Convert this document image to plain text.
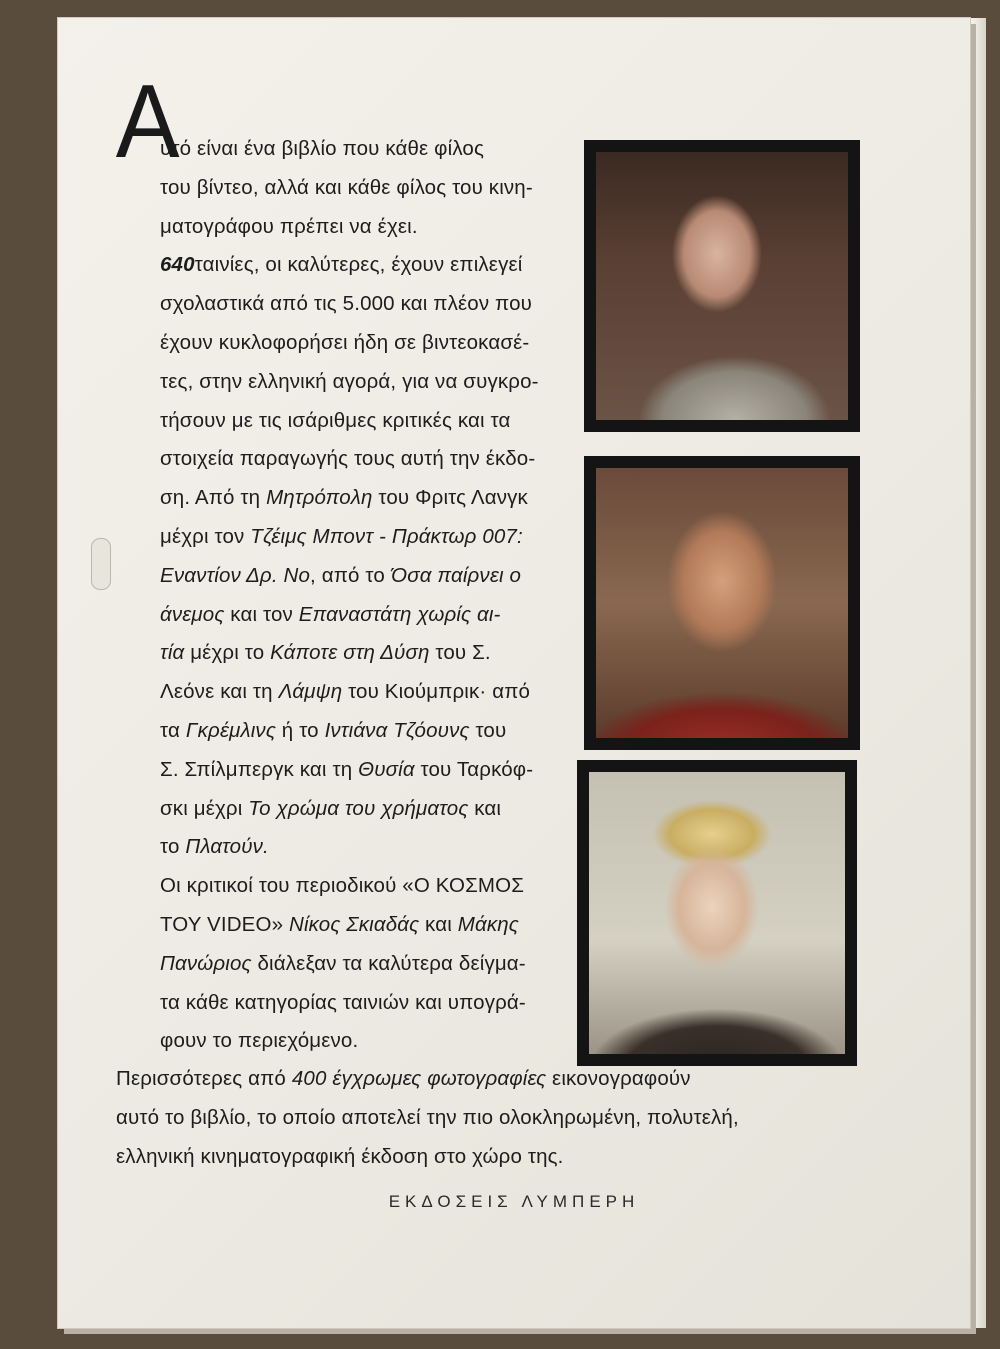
Α
υτό είναι ένα βιβλίο που κάθε φίλος
του βίντεο, αλλά και κάθε φίλος του κινη-
ματογράφου πρέπει να έχει.
640ταινίες, οι καλύτερες, έχουν επιλεγεί
σχολαστικά από τις 5.000 και πλέον που
έχουν κυκλοφορήσει ήδη σε βιντεοκασέ-
τες, στην ελληνική αγορά, για να συγκρο-
τήσουν με τις ισάριθμες κριτικές και τα
στοιχεία παραγωγής τους αυτή την έκδο-
ση. Από τη Μητρόπολη του Φριτς Λανγκ
μέχρι τον Τζέιμς Μποντ - Πράκτωρ 007:
Εναντίον Δρ. Νο, από το Όσα παίρνει ο
άνεμος και τον Επαναστάτη χωρίς αι-
τία μέχρι το Κάποτε στη Δύση του Σ.
Λεόνε και τη Λάμψη του Κιούμπρικ· από
τα Γκρέμλινς ή το Ιντιάνα Τζόουνς του
Σ. Σπίλμπεργκ και τη Θυσία του Ταρκόφ-
σκι μέχρι Το χρώμα του χρήματος και
το Πλατούν.
Οι κριτικοί του περιοδικού «Ο ΚΟΣΜΟΣ
ΤΟΥ VIDEO» Νίκος Σκιαδάς και Μάκης
Πανώριος διάλεξαν τα καλύτερα δείγμα-
τα κάθε κατηγορίας ταινιών και υπογρά-
φουν το περιεχόμενο.
Περισσότερες από 400 έγχρωμες φωτογραφίες εικονογραφούν
αυτό το βιβλίο, το οποίο αποτελεί την πιο ολοκληρωμένη, πολυτελή,
ελληνική κινηματογραφική έκδοση στο χώρο της.
ΕΚΔΟΣΕΙΣ ΛΥΜΠΕΡΗ
